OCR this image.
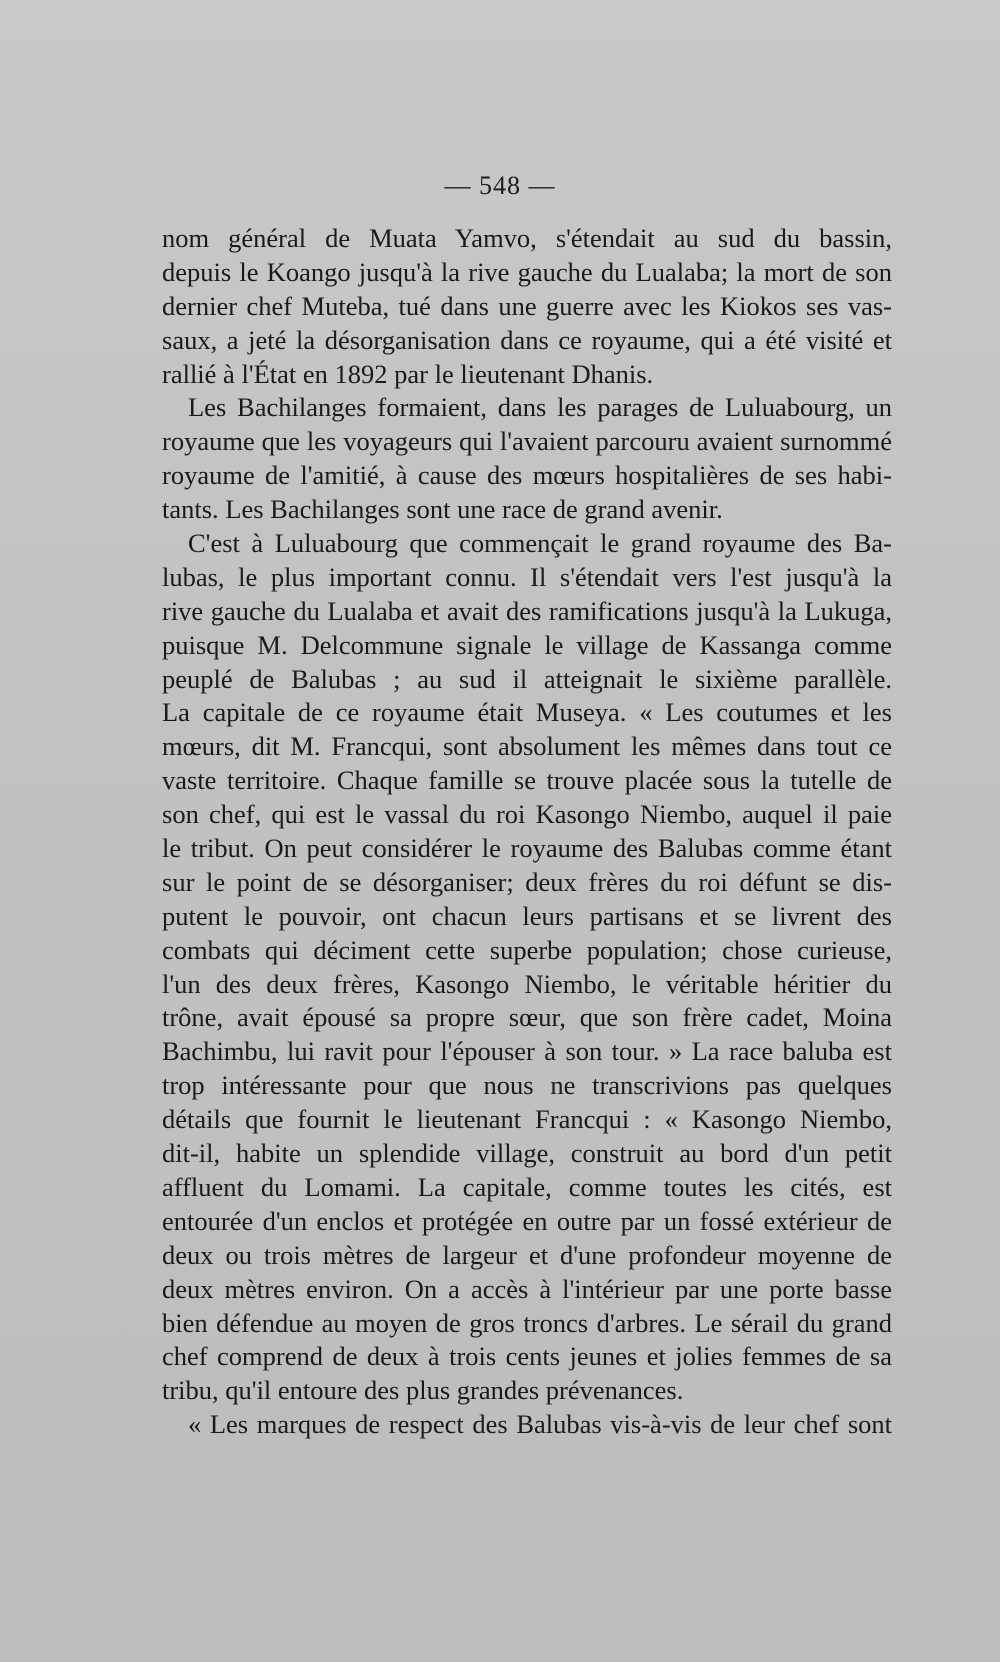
— 548 —
nom général de Muata Yamvo, s'étendait au sud du bassin,
depuis le Koango jusqu'à la rive gauche du Lualaba; la mort de son
dernier chef Muteba, tué dans une guerre avec les Kiokos ses vas-
saux, a jeté la désorganisation dans ce royaume, qui a été visité et
rallié à l'État en 1892 par le lieutenant Dhanis.
Les Bachilanges formaient, dans les parages de Luluabourg, un
royaume que les voyageurs qui l'avaient parcouru avaient surnommé
royaume de l'amitié, à cause des mœurs hospitalières de ses habi-
tants. Les Bachilanges sont une race de grand avenir.
C'est à Luluabourg que commençait le grand royaume des Ba-
lubas, le plus important connu. Il s'étendait vers l'est jusqu'à la
rive gauche du Lualaba et avait des ramifications jusqu'à la Lukuga,
puisque M. Delcommune signale le village de Kassanga comme
peuplé de Balubas ; au sud il atteignait le sixième parallèle.
La capitale de ce royaume était Museya. « Les coutumes et les
mœurs, dit M. Francqui, sont absolument les mêmes dans tout ce
vaste territoire. Chaque famille se trouve placée sous la tutelle de
son chef, qui est le vassal du roi Kasongo Niembo, auquel il paie
le tribut. On peut considérer le royaume des Balubas comme étant
sur le point de se désorganiser; deux frères du roi défunt se dis-
putent le pouvoir, ont chacun leurs partisans et se livrent des
combats qui déciment cette superbe population; chose curieuse,
l'un des deux frères, Kasongo Niembo, le véritable héritier du
trône, avait épousé sa propre sœur, que son frère cadet, Moina
Bachimbu, lui ravit pour l'épouser à son tour. » La race baluba est
trop intéressante pour que nous ne transcrivions pas quelques
détails que fournit le lieutenant Francqui : « Kasongo Niembo,
dit-il, habite un splendide village, construit au bord d'un petit
affluent du Lomami. La capitale, comme toutes les cités, est
entourée d'un enclos et protégée en outre par un fossé extérieur de
deux ou trois mètres de largeur et d'une profondeur moyenne de
deux mètres environ. On a accès à l'intérieur par une porte basse
bien défendue au moyen de gros troncs d'arbres. Le sérail du grand
chef comprend de deux à trois cents jeunes et jolies femmes de sa
tribu, qu'il entoure des plus grandes prévenances.
« Les marques de respect des Balubas vis-à-vis de leur chef sont
